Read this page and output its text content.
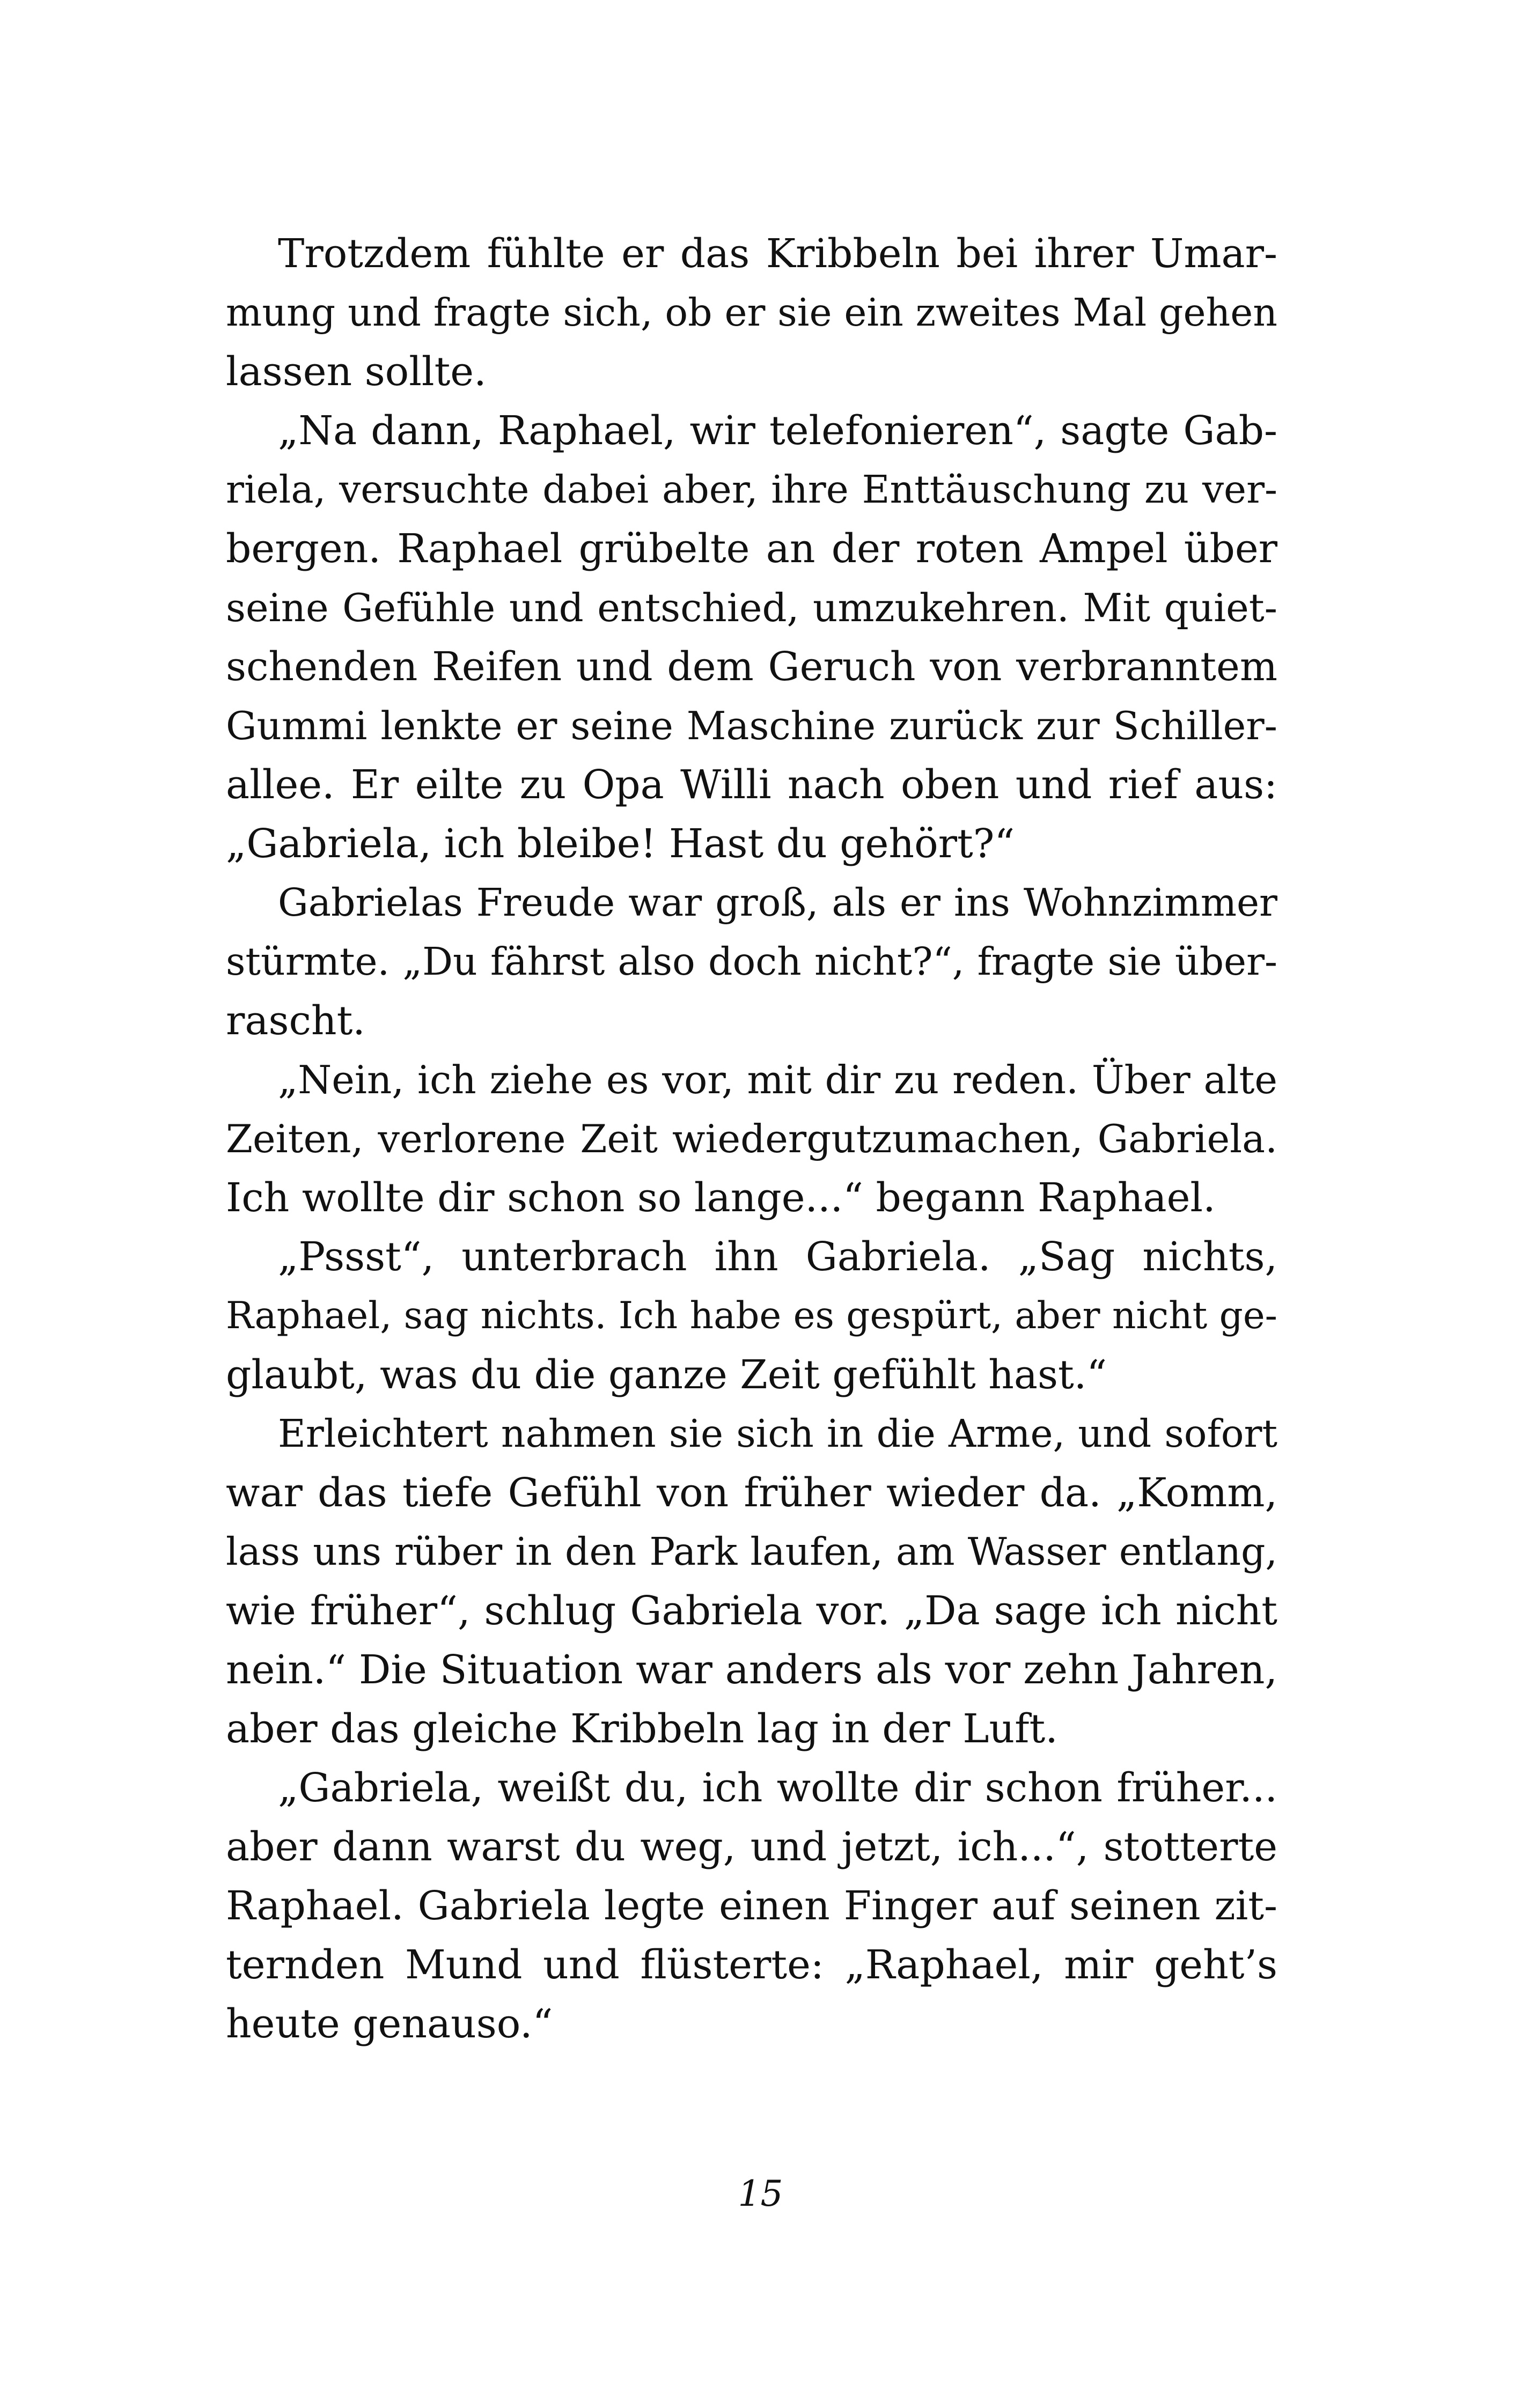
Trotzdem fühlte er das Kribbeln bei ihrer Umar-
mung und fragte sich, ob er sie ein zweites Mal gehen
lassen sollte.
„Na dann, Raphael, wir telefonieren“, sagte Gab-
riela, versuchte dabei aber, ihre Enttäuschung zu ver-
bergen. Raphael grübelte an der roten Ampel über
seine Gefühle und entschied, umzukehren. Mit quiet-
schenden Reifen und dem Geruch von verbranntem
Gummi lenkte er seine Maschine zurück zur Schiller-
allee. Er eilte zu Opa Willi nach oben und rief aus:
„Gabriela, ich bleibe! Hast du gehört?“
Gabrielas Freude war groß, als er ins Wohnzimmer
stürmte. „Du fährst also doch nicht?“, fragte sie über-
rascht.
„Nein, ich ziehe es vor, mit dir zu reden. Über alte
Zeiten, verlorene Zeit wiedergutzumachen, Gabriela.
Ich wollte dir schon so lange...“ begann Raphael.
„Pssst“, unterbrach ihn Gabriela. „Sag nichts,
Raphael, sag nichts. Ich habe es gespürt, aber nicht ge-
glaubt, was du die ganze Zeit gefühlt hast.“
Erleichtert nahmen sie sich in die Arme, und sofort
war das tiefe Gefühl von früher wieder da. „Komm,
lass uns rüber in den Park laufen, am Wasser entlang,
wie früher“, schlug Gabriela vor. „Da sage ich nicht
nein.“ Die Situation war anders als vor zehn Jahren,
aber das gleiche Kribbeln lag in der Luft.
„Gabriela, weißt du, ich wollte dir schon früher...
aber dann warst du weg, und jetzt, ich...“, stotterte
Raphael. Gabriela legte einen Finger auf seinen zit-
ternden Mund und flüsterte: „Raphael, mir geht’s
heute genauso.“
15
